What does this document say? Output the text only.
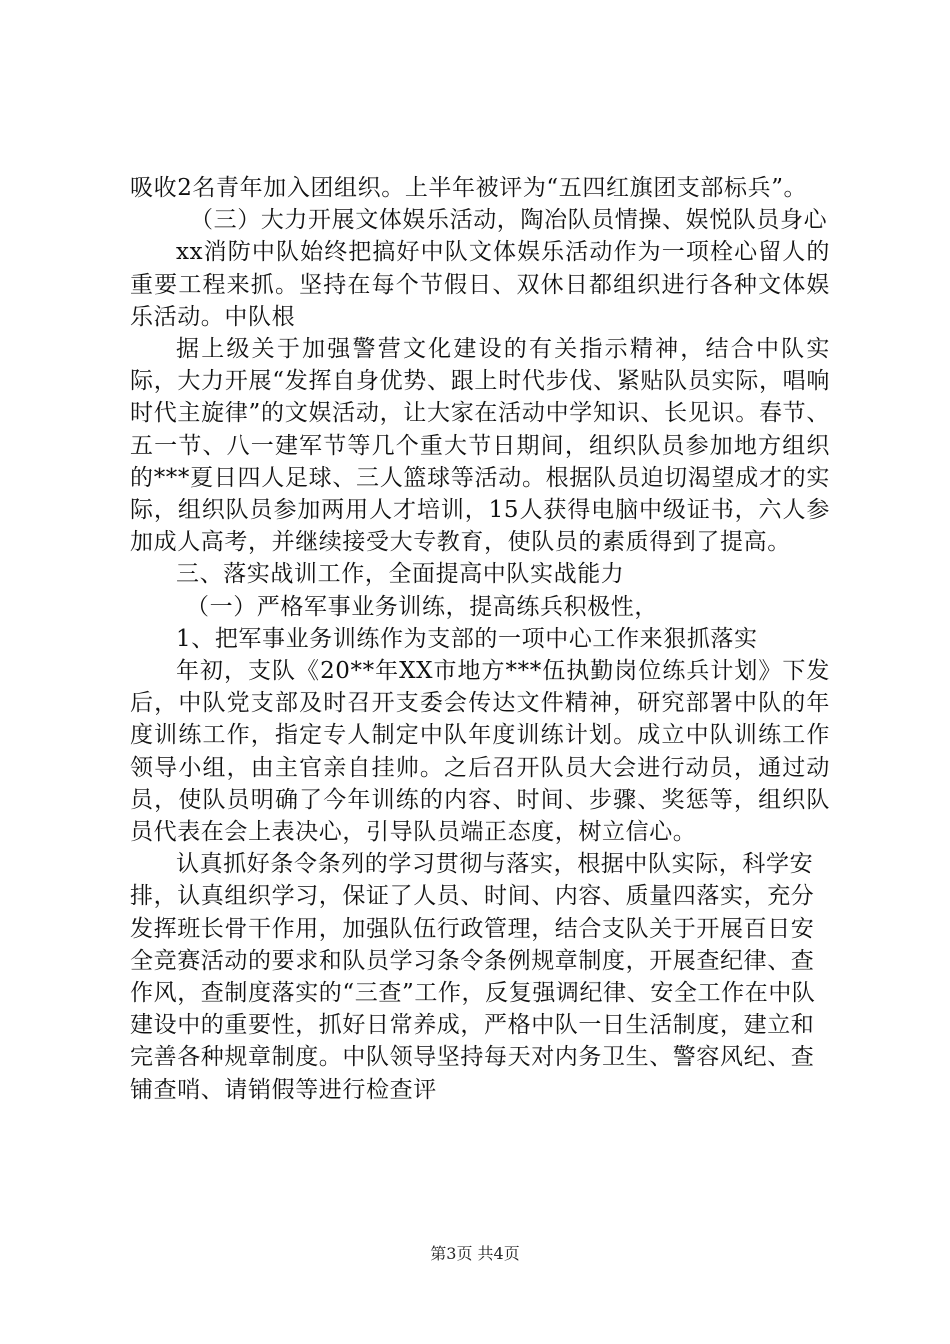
吸收2名青年加入团组织。上半年被评为“五四红旗团支部标兵”。

（三）大力开展文体娱乐活动，陶冶队员情操、娱悦队员身心

xx消防中队始终把搞好中队文体娱乐活动作为一项栓心留人的重要工程来抓。坚持在每个节假日、双休日都组织进行各种文体娱乐活动。中队根

据上级关于加强警营文化建设的有关指示精神，结合中队实际，大力开展“发挥自身优势、跟上时代步伐、紧贴队员实际，唱响时代主旋律”的文娱活动，让大家在活动中学知识、长见识。春节、五一节、八一建军节等几个重大节日期间，组织队员参加地方组织的***夏日四人足球、三人篮球等活动。根据队员迫切渴望成才的实际，组织队员参加两用人才培训，15人获得电脑中级证书，六人参加成人高考，并继续接受大专教育，使队员的素质得到了提高。

三、落实战训工作，全面提高中队实战能力

（一）严格军事业务训练，提高练兵积极性，

1、把军事业务训练作为支部的一项中心工作来狠抓落实

年初，支队《20**年XX市地方***伍执勤岗位练兵计划》下发后，中队党支部及时召开支委会传达文件精神，研究部署中队的年度训练工作，指定专人制定中队年度训练计划。成立中队训练工作领导小组，由主官亲自挂帅。之后召开队员大会进行动员，通过动员，使队员明确了今年训练的内容、时间、步骤、奖惩等，组织队员代表在会上表决心，引导队员端正态度，树立信心。

认真抓好条令条列的学习贯彻与落实，根据中队实际，科学安排，认真组织学习，保证了人员、时间、内容、质量四落实，充分发挥班长骨干作用，加强队伍行政管理，结合支队关于开展百日安全竞赛活动的要求和队员学习条令条例规章制度，开展查纪律、查作风，查制度落实的“三查”工作，反复强调纪律、安全工作在中队建设中的重要性，抓好日常养成，严格中队一日生活制度，建立和完善各种规章制度。中队领导坚持每天对内务卫生、警容风纪、查铺查哨、请销假等进行检查评

第3页 共4页
